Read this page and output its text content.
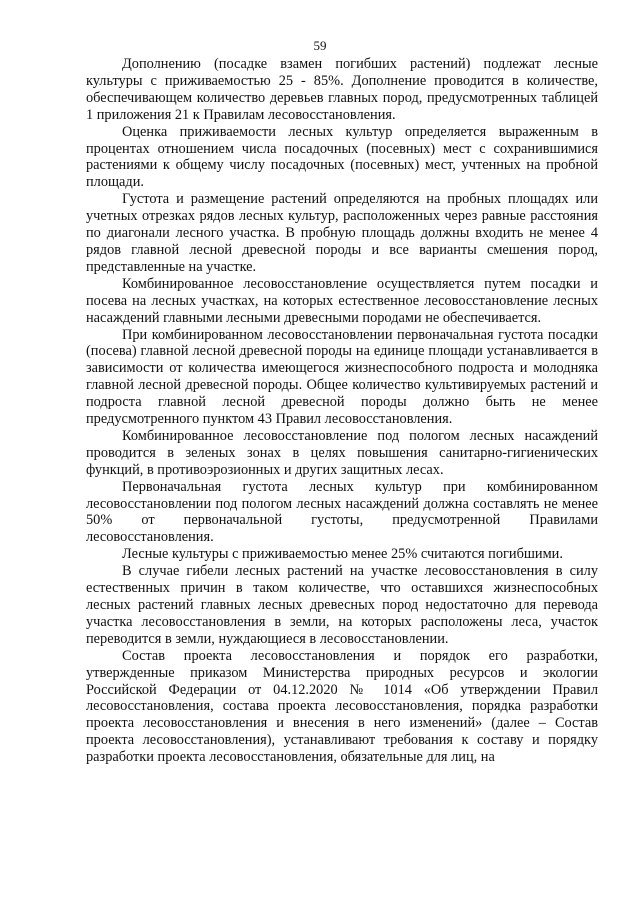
59

Дополнению (посадке взамен погибших растений) подлежат лесные культуры с приживаемостью 25 - 85%. Дополнение проводится в количестве, обеспечивающем количество деревьев главных пород, предусмотренных таблицей 1 приложения 21 к Правилам лесовосстановления.

Оценка приживаемости лесных культур определяется выраженным в процентах отношением числа посадочных (посевных) мест с сохранившимися растениями к общему числу посадочных (посевных) мест, учтенных на пробной площади.

Густота и размещение растений определяются на пробных площадях или учетных отрезках рядов лесных культур, расположенных через равные расстояния по диагонали лесного участка. В пробную площадь должны входить не менее 4 рядов главной лесной древесной породы и все варианты смешения пород, представленные на участке.

Комбинированное лесовосстановление осуществляется путем посадки и посева на лесных участках, на которых естественное лесовосстановление лесных насаждений главными лесными древесными породами не обеспечивается.

При комбинированном лесовосстановлении первоначальная густота посадки (посева) главной лесной древесной породы на единице площади устанавливается в зависимости от количества имеющегося жизнеспособного подроста и молодняка главной лесной древесной породы. Общее количество культивируемых растений и подроста главной лесной древесной породы должно быть не менее предусмотренного пунктом 43 Правил лесовосстановления.

Комбинированное лесовосстановление под пологом лесных насаждений проводится в зеленых зонах в целях повышения санитарно-гигиенических функций, в противоэрозионных и других защитных лесах.

Первоначальная густота лесных культур при комбинированном лесовосстановлении под пологом лесных насаждений должна составлять не менее 50% от первоначальной густоты, предусмотренной Правилами лесовосстановления.

Лесные культуры с приживаемостью менее 25% считаются погибшими.

В случае гибели лесных растений на участке лесовосстановления в силу естественных причин в таком количестве, что оставшихся жизнеспособных лесных растений главных лесных древесных пород недостаточно для перевода участка лесовосстановления в земли, на которых расположены леса, участок переводится в земли, нуждающиеся в лесовосстановлении.

Состав проекта лесовосстановления и порядок его разработки, утвержденные приказом Министерства природных ресурсов и экологии Российской Федерации от 04.12.2020 № 1014 «Об утверждении Правил лесовосстановления, состава проекта лесовосстановления, порядка разработки проекта лесовосстановления и внесения в него изменений» (далее – Состав проекта лесовосстановления), устанавливают требования к составу и порядку разработки проекта лесовосстановления, обязательные для лиц, на
